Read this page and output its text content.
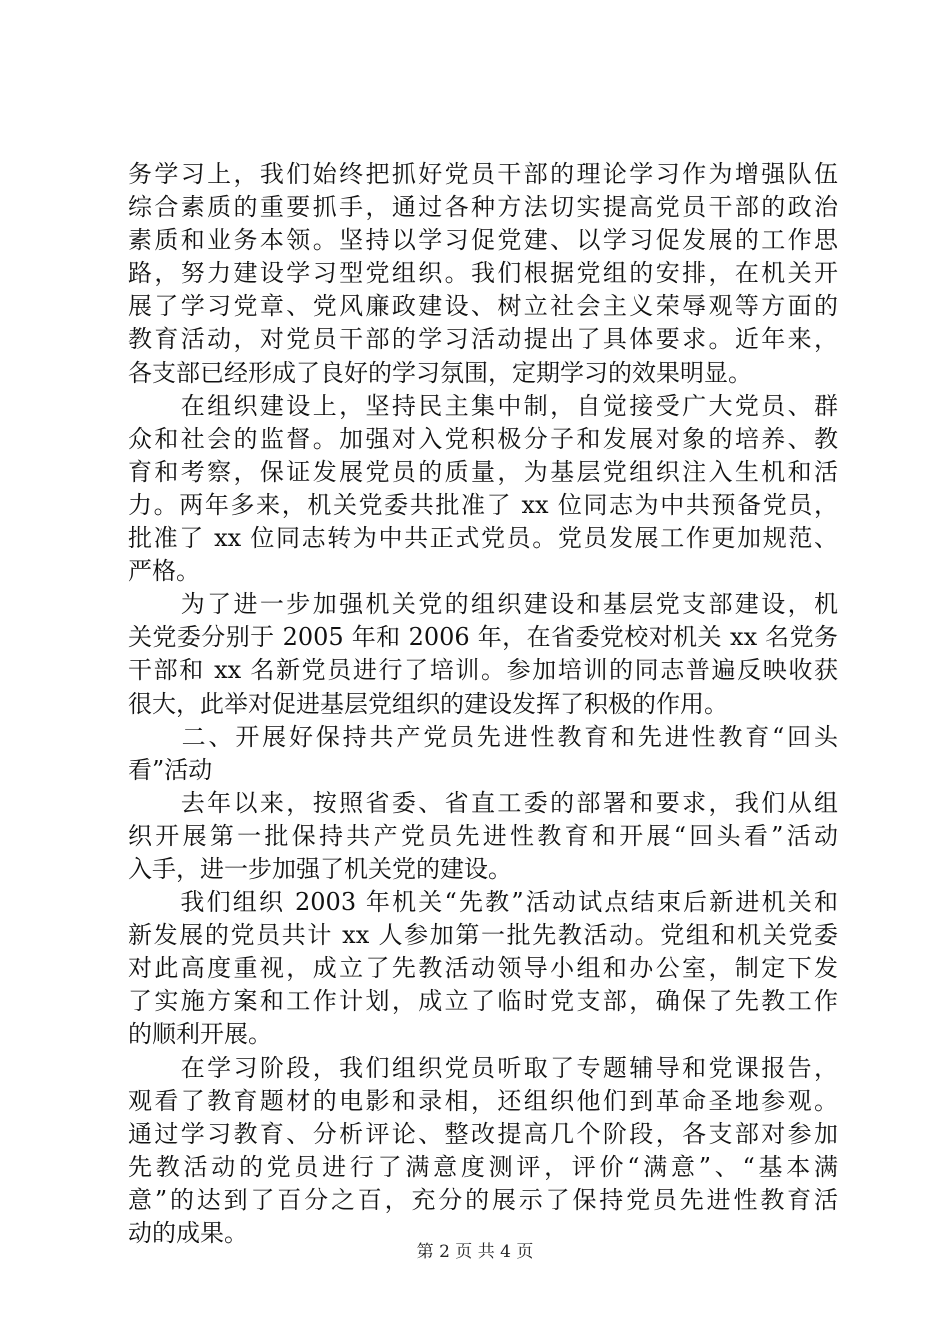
务学习上，我们始终把抓好党员干部的理论学习作为增强队伍
综合素质的重要抓手，通过各种方法切实提高党员干部的政治
素质和业务本领。坚持以学习促党建、以学习促发展的工作思
路，努力建设学习型党组织。我们根据党组的安排，在机关开
展了学习党章、党风廉政建设、树立社会主义荣辱观等方面的
教育活动，对党员干部的学习活动提出了具体要求。近年来，
各支部已经形成了良好的学习氛围，定期学习的效果明显。
　　在组织建设上，坚持民主集中制，自觉接受广大党员、群
众和社会的监督。加强对入党积极分子和发展对象的培养、教
育和考察，保证发展党员的质量，为基层党组织注入生机和活
力。两年多来，机关党委共批准了 xx 位同志为中共预备党员，
批准了 xx 位同志转为中共正式党员。党员发展工作更加规范、
严格。
　　为了进一步加强机关党的组织建设和基层党支部建设，机
关党委分别于 2005 年和 2006 年，在省委党校对机关 xx 名党务
干部和 xx 名新党员进行了培训。参加培训的同志普遍反映收获
很大，此举对促进基层党组织的建设发挥了积极的作用。
　　二、开展好保持共产党员先进性教育和先进性教育“回头
看”活动
　　去年以来，按照省委、省直工委的部署和要求，我们从组
织开展第一批保持共产党员先进性教育和开展“回头看”活动
入手，进一步加强了机关党的建设。
　　我们组织 2003 年机关“先教”活动试点结束后新进机关和
新发展的党员共计 xx 人参加第一批先教活动。党组和机关党委
对此高度重视，成立了先教活动领导小组和办公室，制定下发
了实施方案和工作计划，成立了临时党支部，确保了先教工作
的顺利开展。
　　在学习阶段，我们组织党员听取了专题辅导和党课报告，
观看了教育题材的电影和录相，还组织他们到革命圣地参观。
通过学习教育、分析评论、整改提高几个阶段，各支部对参加
先教活动的党员进行了满意度测评，评价“满意”、“基本满
意”的达到了百分之百，充分的展示了保持党员先进性教育活
动的成果。
第 2 页 共 4 页
